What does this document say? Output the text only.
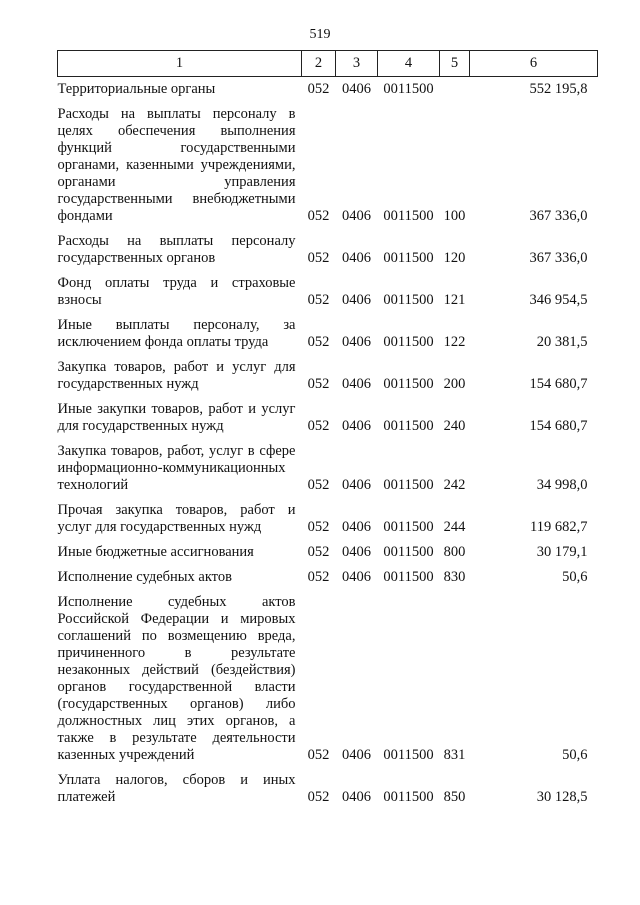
519
1	2	3	4	5	6
Территориальные органы	052	0406	0011500		552 195,8
Расходы на выплаты персоналу в целях обеспечения выполнения функций государственными органами, казенными учреждениями, органами управления государственными внебюджетными фондами	052	0406	0011500	100	367 336,0
Расходы на выплаты персоналу государственных органов	052	0406	0011500	120	367 336,0
Фонд оплаты труда и страховые взносы	052	0406	0011500	121	346 954,5
Иные выплаты персоналу, за исключением фонда оплаты труда	052	0406	0011500	122	20 381,5
Закупка товаров, работ и услуг для государственных нужд	052	0406	0011500	200	154 680,7
Иные закупки товаров, работ и услуг для государственных нужд	052	0406	0011500	240	154 680,7
Закупка товаров, работ, услуг в сфере информационно-коммуникационных технологий	052	0406	0011500	242	34 998,0
Прочая закупка товаров, работ и услуг для государственных нужд	052	0406	0011500	244	119 682,7
Иные бюджетные ассигнования	052	0406	0011500	800	30 179,1
Исполнение судебных актов	052	0406	0011500	830	50,6
Исполнение судебных актов Российской Федерации и мировых соглашений по возмещению вреда, причиненного в результате незаконных действий (бездействия) органов государственной власти (государственных органов) либо должностных лиц этих органов, а также в результате деятельности казенных учреждений	052	0406	0011500	831	50,6
Уплата налогов, сборов и иных платежей	052	0406	0011500	850	30 128,5
